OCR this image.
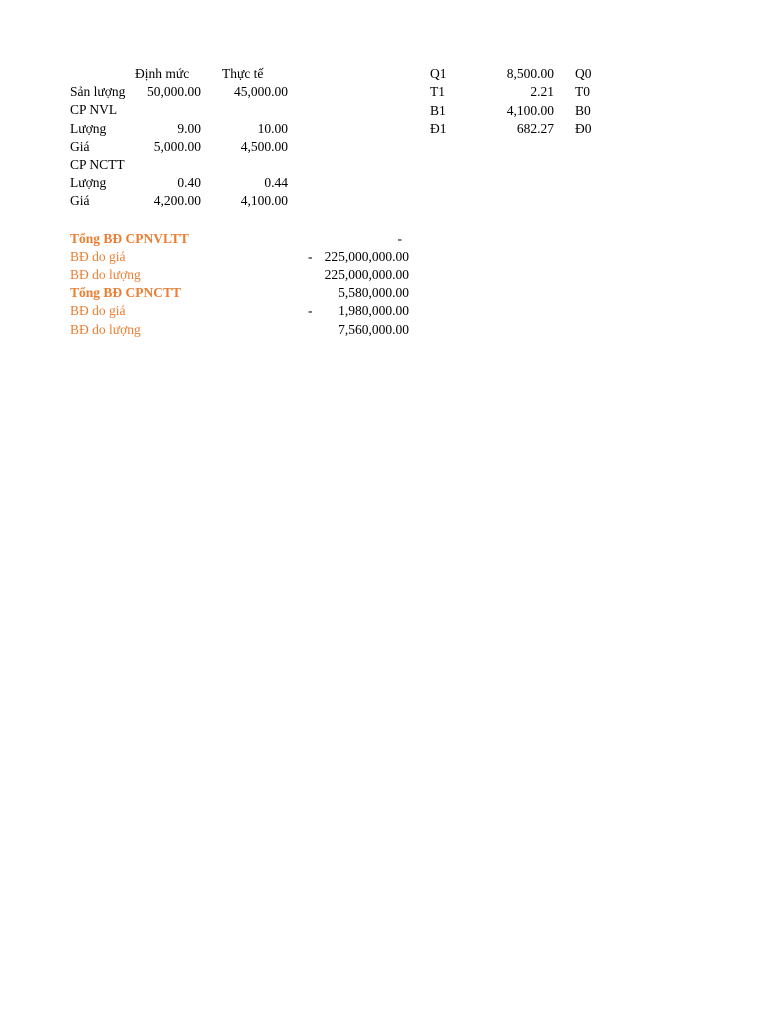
Định mức Thực tế
Sản lượng	50,000.00	45,000.00
CP NVL
Lượng	9.00	10.00
Giá	5,000.00	4,500.00
CP NCTT
Lượng	0.40	0.44
Giá	4,200.00	4,100.00
Q1	8,500.00 Q0
T1	2.21 T0
B1	4,100.00 B0
Đ1	682.27 Đ0
Tổng BĐ CPNVLTT	-
BĐ do giá	- 225,000,000.00
BĐ do lượng	225,000,000.00
Tổng BĐ CPNCTT	5,580,000.00
BĐ do giá	-	1,980,000.00
BĐ do lượng	7,560,000.00
